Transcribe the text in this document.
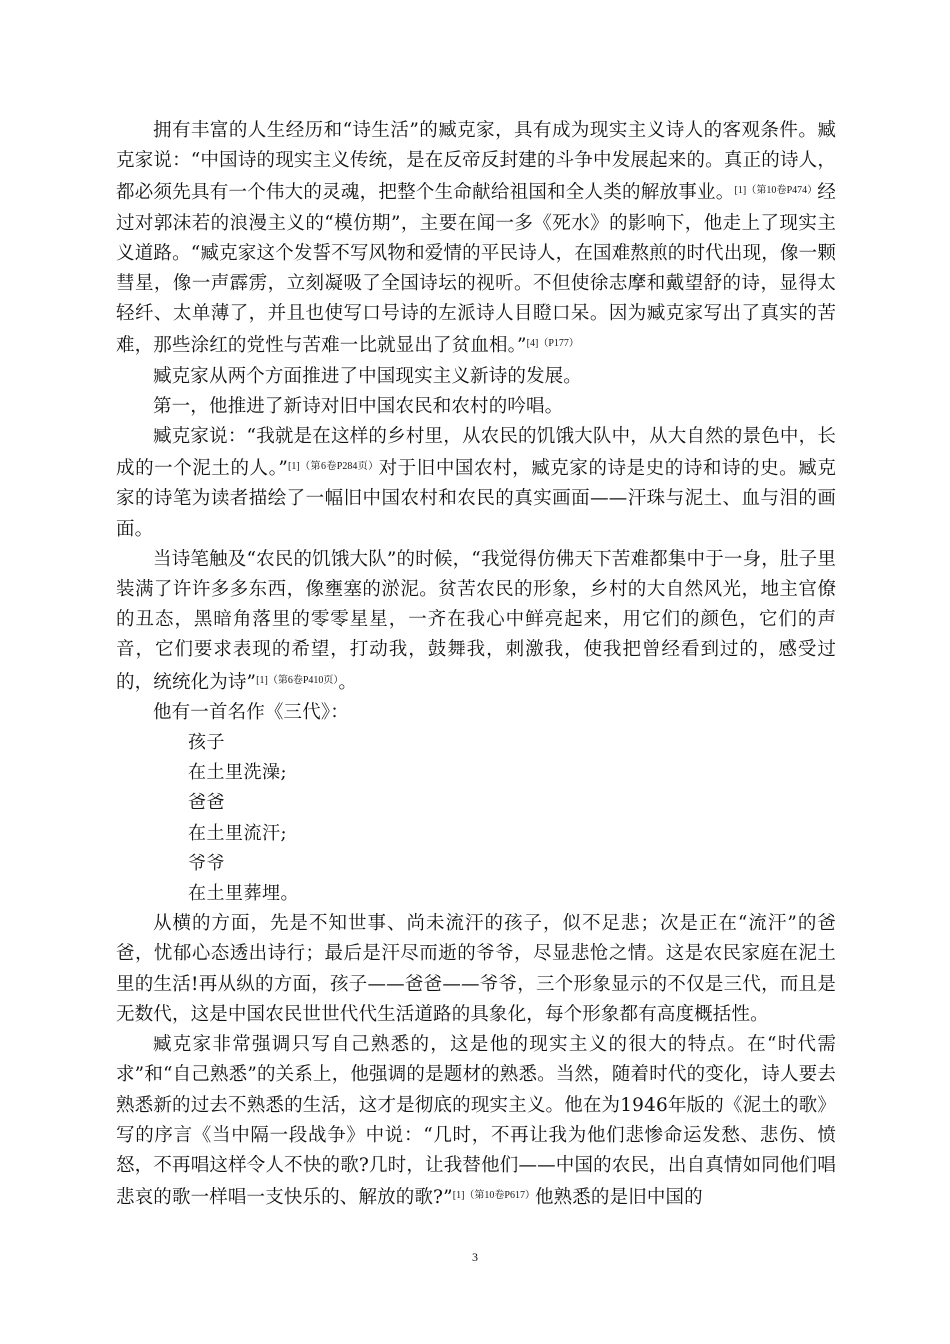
拥有丰富的人生经历和“诗生活”的臧克家，具有成为现实主义诗人的客观条件。臧克家说：“中国诗的现实主义传统，是在反帝反封建的斗争中发展起来的。真正的诗人，都必须先具有一个伟大的灵魂，把整个生命献给祖国和全人类的解放事业。$^{[1](第10卷P474)}$经过对郭沫若的浪漫主义的“模仿期”，主要在闻一多《死水》的影响下，他走上了现实主义道路。“臧克家这个发誓不写风物和爱情的平民诗人，在国难熬煎的时代出现，像一颗彗星，像一声霹雳，立刻凝吸了全国诗坛的视听。不但使徐志摩和戴望舒的诗，显得太轻纤、太单薄了，并且也使写口号诗的左派诗人目瞪口呆。因为臧克家写出了真实的苦难，那些涂红的党性与苦难一比就显出了贫血相。”$^{[4](P177)}$

臧克家从两个方面推进了中国现实主义新诗的发展。

第一，他推进了新诗对旧中国农民和农村的吟唱。

臧克家说：“我就是在这样的乡村里，从农民的饥饿大队中，从大自然的景色中，长成的一个泥土的人。”$^{[1](第6卷P284页)}$对于旧中国农村，臧克家的诗是史的诗和诗的史。臧克家的诗笔为读者描绘了一幅旧中国农村和农民的真实画面——汗珠与泥土、血与泪的画面。

当诗笔触及“农民的饥饿大队”的时候，“我觉得仿佛天下苦难都集中于一身，肚子里装满了许许多多东西，像壅塞的淤泥。贫苦农民的形象，乡村的大自然风光，地主官僚的丑态，黑暗角落里的零零星星，一齐在我心中鲜亮起来，用它们的颜色，它们的声音，它们要求表现的希望，打动我，鼓舞我，刺激我，使我把曾经看到过的，感受过的，统统化为诗”$^{[1](第6卷P410页)}$。

他有一首名作《三代》：

孩子
在土里洗澡;
爸爸
在土里流汗;
爷爷
在土里葬埋。

从横的方面，先是不知世事、尚未流汗的孩子，似不足悲；次是正在“流汗”的爸爸，忧郁心态透出诗行；最后是汗尽而逝的爷爷，尽显悲怆之情。这是农民家庭在泥土里的生活!再从纵的方面，孩子——爸爸——爷爷，三个形象显示的不仅是三代，而且是无数代，这是中国农民世世代代生活道路的具象化，每个形象都有高度概括性。

臧克家非常强调只写自己熟悉的，这是他的现实主义的很大的特点。在“时代需求”和“自己熟悉”的关系上，他强调的是题材的熟悉。当然，随着时代的变化，诗人要去熟悉新的过去不熟悉的生活，这才是彻底的现实主义。他在为1946年版的《泥土的歌》写的序言《当中隔一段战争》中说：“几时，不再让我为他们悲惨命运发愁、悲伤、愤怒，不再唱这样令人不快的歌?几时，让我替他们——中国的农民，出自真情如同他们唱悲哀的歌一样唱一支快乐的、解放的歌?”$^{[1](第10卷P617)}$他熟悉的是旧中国的

3
